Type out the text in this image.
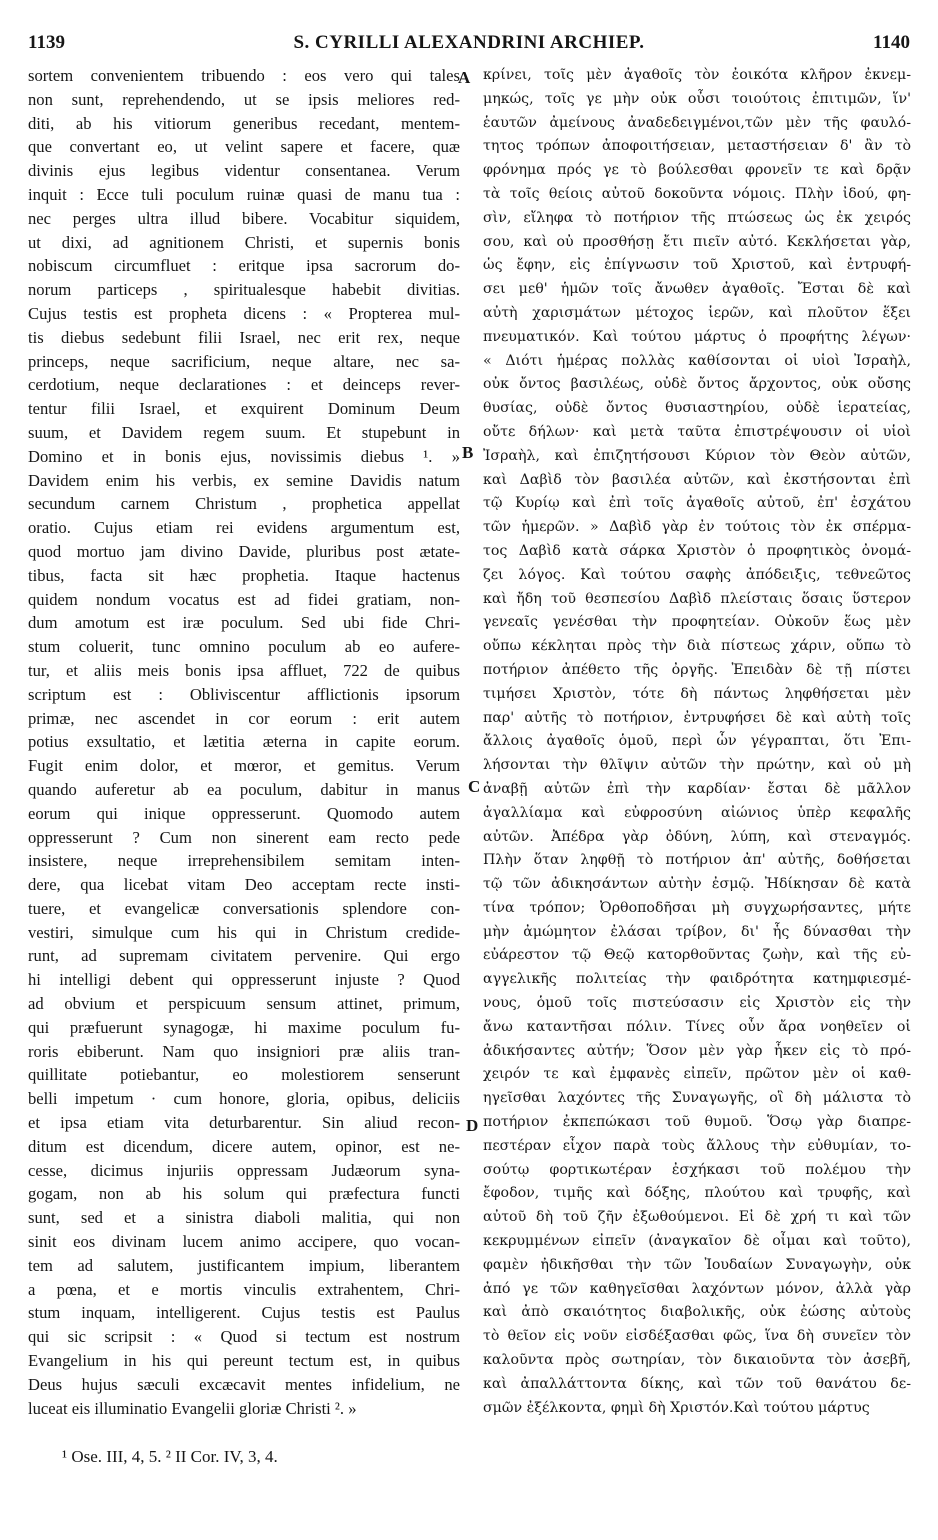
1139	S. CYRILLI ALEXANDRINI ARCHIEP.	1140
sortem convenientem tribuendo : eos vero qui tales
non sunt, reprehendendo, ut se ipsis meliores red-
diti, ab his vitiorum generibus recedant, mentem-
que convertant eo, ut velint sapere et facere, quæ
divinis ejus legibus videntur consentanea. Verum
inquit : Ecce tuli poculum ruinæ quasi de manu tua :
nec perges ultra illud bibere. Vocabitur siquidem,
ut dixi, ad agnitionem Christi, et supernis bonis
nobiscum circumfluet : eritque ipsa sacrorum do-
norum particeps , spiritualesque habebit divitias.
Cujus testis est propheta dicens : « Propterea mul-
tis diebus sedebunt filii Israel, nec erit rex, neque
princeps, neque sacrificium, neque altare, nec sa-
cerdotium, neque declarationes : et deinceps rever-
tentur filii Israel, et exquirent Dominum Deum
suum, et Davidem regem suum. Et stupebunt in
Domino et in bonis ejus, novissimis diebus ¹. »
Davidem enim his verbis, ex semine Davidis natum
secundum carnem Christum , prophetica appellat
oratio. Cujus etiam rei evidens argumentum est,
quod mortuo jam divino Davide, pluribus post ætate-
tibus, facta sit hæc prophetia. Itaque hactenus
quidem nondum vocatus est ad fidei gratiam, non-
dum amotum est iræ poculum. Sed ubi fide Chri-
stum coluerit, tunc omnino poculum ab eo aufere-
tur, et aliis meis bonis ipsa affluet, 722 de quibus
scriptum est : Obliviscentur afflictionis ipsorum
primæ, nec ascendet in cor eorum : erit autem
potius exsultatio, et lætitia æterna in capite eorum.
Fugit enim dolor, et mœror, et gemitus. Verum
quando auferetur ab ea poculum, dabitur in manus
eorum qui inique oppresserunt. Quomodo autem
oppresserunt ? Cum non sinerent eam recto pede
insistere, neque irreprehensibilem semitam inten-
dere, qua licebat vitam Deo acceptam recte insti-
tuere, et evangelicæ conversationis splendore con-
vestiri, simulque cum his qui in Christum credide-
runt, ad supremam civitatem pervenire. Qui ergo
hi intelligi debent qui oppresserunt injuste ? Quod
ad obvium et perspicuum sensum attinet, primum,
qui præfuerunt synagogæ, hi maxime poculum fu-
roris ebiberunt. Nam quo insigniori præ aliis tran-
quillitate potiebantur, eo molestiorem senserunt
belli impetum · cum honore, gloria, opibus, deliciis
et ipsa etiam vita deturbarentur. Sin aliud recon-
ditum est dicendum, dicere autem, opinor, est ne-
cesse, dicimus injuriis oppressam Judæorum syna-
gogam, non ab his solum qui præfectura functi
sunt, sed et a sinistra diaboli malitia, qui non
sinit eos divinam lucem animo accipere, quo vocan-
tem ad salutem, justificantem impium, liberantem
a pœna, et e mortis vinculis extrahentem, Chri-
stum inquam, intelligerent. Cujus testis est Paulus
qui sic scripsit : « Quod si tectum est nostrum
Evangelium in his qui pereunt tectum est, in quibus
Deus hujus sæculi excæcavit mentes infidelium, ne
luceat eis illuminatio Evangelii gloriæ Christi ². »
κρίνει, τοῖς μὲν ἀγαθοῖς τὸν ἐοικότα κλῆρον ἐκνεμ-
μηκώς, τοῖς γε μὴν οὐκ οὖσι τοιούτοις ἐπιτιμῶν, ἵν'
ἑαυτῶν ἀμείνους ἀναδεδειγμένοι,τῶν μὲν τῆς φαυλό-
τητος τρόπων ἀποφοιτήσειαν, μεταστήσειαν δ' ἂν τὸ
φρόνημα πρός γε τὸ βούλεσθαι φρονεῖν τε καὶ δρᾷν
τὰ τοῖς θείοις αὐτοῦ δοκοῦντα νόμοις. Πλὴν ἰδού, φη-
σὶν, εἴληφα τὸ ποτήριον τῆς πτώσεως ὡς ἐκ χειρός
σου, καὶ οὐ προσθήσῃ ἔτι πιεῖν αὐτό. Κεκλήσεται γὰρ,
ὡς ἔφην, εἰς ἐπίγνωσιν τοῦ Χριστοῦ, καὶ ἐντρυφή-
σει μεθ' ἡμῶν τοῖς ἄνωθεν ἀγαθοῖς. Ἔσται δὲ καὶ
αὐτὴ χαρισμάτων μέτοχος ἱερῶν, καὶ πλοῦτον ἕξει
πνευματικόν. Καὶ τούτου μάρτυς ὁ προφήτης λέγων·
« Διότι ἡμέρας πολλὰς καθίσονται οἱ υἱοὶ Ἰσραὴλ,
οὐκ ὄντος βασιλέως, οὐδὲ ὄντος ἄρχοντος, οὐκ οὔσης
θυσίας, οὐδὲ ὄντος θυσιαστηρίου, οὐδὲ ἱερατείας,
οὔτε δήλων· καὶ μετὰ ταῦτα ἐπιστρέψουσιν οἱ υἱοὶ
Ἰσραὴλ, καὶ ἐπιζητήσουσι Κύριον τὸν Θεὸν αὐτῶν,
καὶ Δαβὶδ τὸν βασιλέα αὐτῶν, καὶ ἐκστήσονται ἐπὶ
τῷ Κυρίῳ καὶ ἐπὶ τοῖς ἀγαθοῖς αὐτοῦ, ἐπ' ἐσχάτου
τῶν ἡμερῶν. » Δαβὶδ γὰρ ἐν τούτοις τὸν ἐκ σπέρμα-
τος Δαβὶδ κατὰ σάρκα Χριστὸν ὁ προφητικὸς ὀνομά-
ζει λόγος. Καὶ τούτου σαφὴς ἀπόδειξις, τεθνεῶτος
καὶ ἤδη τοῦ θεσπεσίου Δαβὶδ πλείσταις ὅσαις ὕστερον
γενεαῖς γενέσθαι τὴν προφητείαν. Οὐκοῦν ἕως μὲν
οὔπω κέκληται πρὸς τὴν διὰ πίστεως χάριν, οὔπω τὸ
ποτήριον ἀπέθετο τῆς ὀργῆς. Ἐπειδὰν δὲ τῇ πίστει
τιμήσει Χριστὸν, τότε δὴ πάντως ληφθήσεται μὲν
παρ' αὐτῆς τὸ ποτήριον, ἐντρυφήσει δὲ καὶ αὐτὴ τοῖς
ἄλλοις ἀγαθοῖς ὁμοῦ, περὶ ὧν γέγραπται, ὅτι Ἐπι-
λήσονται τὴν θλῖψιν αὐτῶν τὴν πρώτην, καὶ οὐ μὴ
ἀναβῇ αὐτῶν ἐπὶ τὴν καρδίαν· ἔσται δὲ μᾶλλον
ἀγαλλίαμα καὶ εὐφροσύνη αἰώνιος ὑπὲρ κεφαλῆς
αὐτῶν. Ἀπέδρα γὰρ ὀδύνη, λύπη, καὶ στεναγμός.
Πλὴν ὅταν ληφθῇ τὸ ποτήριον ἀπ' αὐτῆς, δοθήσεται
τῷ τῶν ἀδικησάντων αὐτὴν ἐσμῷ. Ἠδίκησαν δὲ κατὰ
τίνα τρόπον; Ὀρθοποδῆσαι μὴ συγχωρήσαντες, μήτε
μὴν ἀμώμητον ἐλάσαι τρίβον, δι' ἧς δύνασθαι τὴν
εὐάρεστον τῷ Θεῷ κατορθοῦντας ζωὴν, καὶ τῆς εὐ-
αγγελικῆς πολιτείας τὴν φαιδρότητα κατημφιεσμέ-
νους, ὁμοῦ τοῖς πιστεύσασιν εἰς Χριστὸν εἰς τὴν
ἄνω καταντῆσαι πόλιν. Τίνες οὖν ἄρα νοηθεῖεν οἱ
ἀδικήσαντες αὐτήν; Ὅσον μὲν γὰρ ἧκεν εἰς τὸ πρό-
χειρόν τε καὶ ἐμφανὲς εἰπεῖν, πρῶτον μὲν οἱ καθ-
ηγεῖσθαι λαχόντες τῆς Συναγωγῆς, οἳ δὴ μάλιστα τὸ
ποτήριον ἐκπεπώκασι τοῦ θυμοῦ. Ὅσῳ γὰρ διαπρε-
πεστέραν εἶχον παρὰ τοὺς ἄλλους τὴν εὐθυμίαν, το-
σούτῳ φορτικωτέραν ἐσχήκασι τοῦ πολέμου τὴν
ἔφοδον, τιμῆς καὶ δόξης, πλούτου καὶ τρυφῆς, καὶ
αὐτοῦ δὴ τοῦ ζῆν ἐξωθούμενοι. Εἰ δὲ χρή τι καὶ τῶν
κεκρυμμένων εἰπεῖν (ἀναγκαῖον δὲ οἶμαι καὶ τοῦτο),
φαμὲν ἠδικῆσθαι τὴν τῶν Ἰουδαίων Συναγωγὴν, οὐκ
ἀπό γε τῶν καθηγεῖσθαι λαχόντων μόνον, ἀλλὰ γὰρ
καὶ ἀπὸ σκαιότητος διαβολικῆς, οὐκ ἐώσης αὐτοὺς
τὸ θεῖον εἰς νοῦν εἰσδέξασθαι φῶς, ἵνα δὴ συνεῖεν τὸν
καλοῦντα πρὸς σωτηρίαν, τὸν δικαιοῦντα τὸν ἀσεβῆ,
καὶ ἀπαλλάττοντα δίκης, καὶ τῶν τοῦ θανάτου δε-
σμῶν ἐξέλκοντα, φημὶ δὴ Χριστόν.Καὶ τούτου μάρτυς
A
B
C
D
¹ Ose. III, 4, 5. ² II Cor. IV, 3, 4.
